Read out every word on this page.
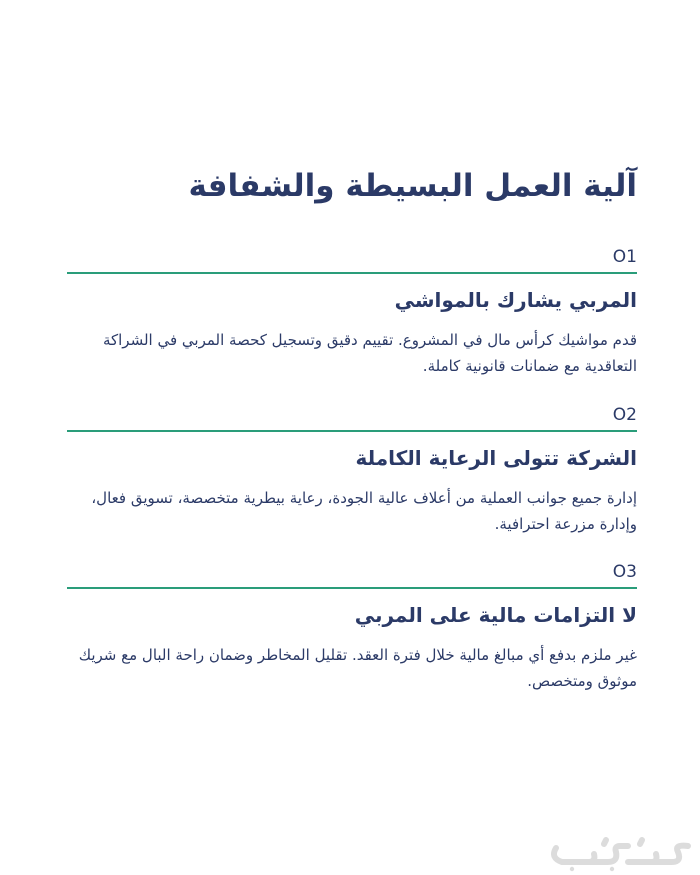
آلية العمل البسيطة والشفافة
O1
المربي يشارك بالمواشي

قدم مواشيك كرأس مال في المشروع. تقييم دقيق وتسجيل كحصة المربي في الشراكة التعاقدية مع ضمانات قانونية كاملة.

O2
الشركة تتولى الرعاية الكاملة

إدارة جميع جوانب العملية من أعلاف عالية الجودة، رعاية بيطرية متخصصة، تسويق فعال، وإدارة مزرعة احترافية.

O3
لا التزامات مالية على المربي

غير ملزم بدفع أي مبالغ مالية خلال فترة العقد. تقليل المخاطر وضمان راحة البال مع شريك موثوق ومتخصص.
